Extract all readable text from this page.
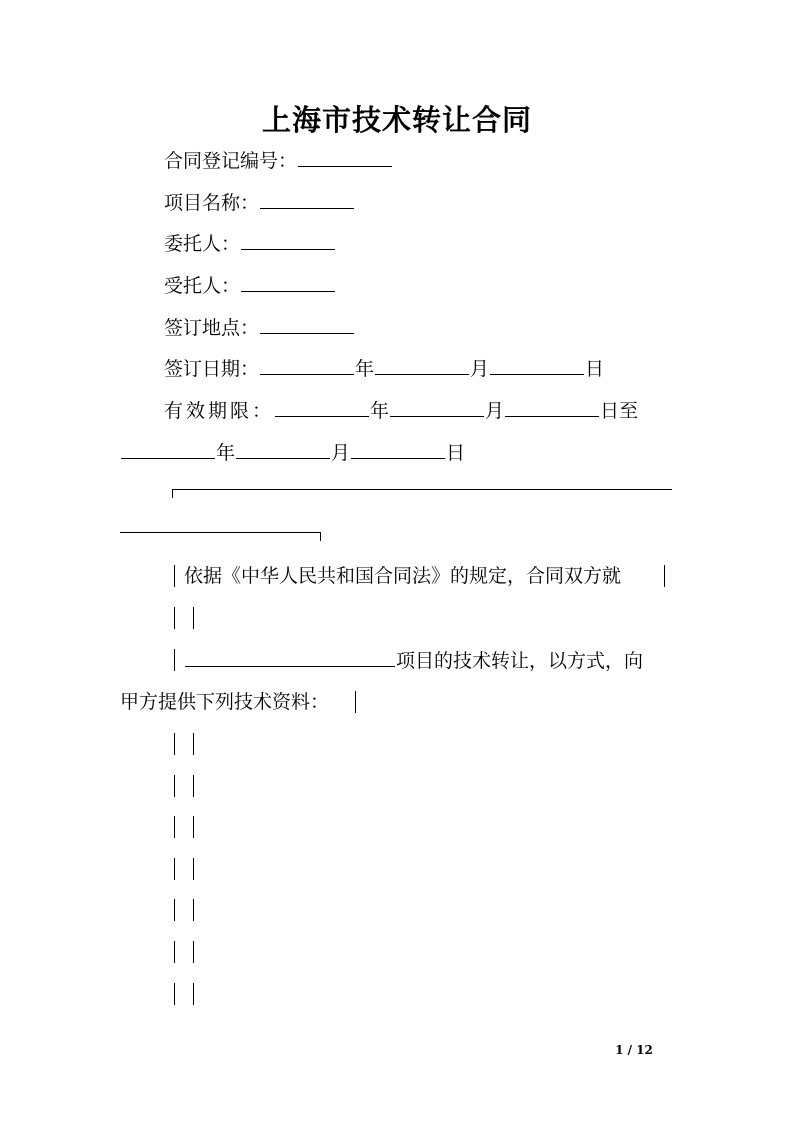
上海市技术转让合同
合同登记编号：
项目名称：
委托人：
受托人：
签订地点：
签订日期：	年	月	日
有效期限：	年	月	日至
年	月	日
依据《中华人民共和国合同法》的规定，合同双方就
项目的技术转让，以方式，向
甲方提供下列技术资料：
1 / 12
